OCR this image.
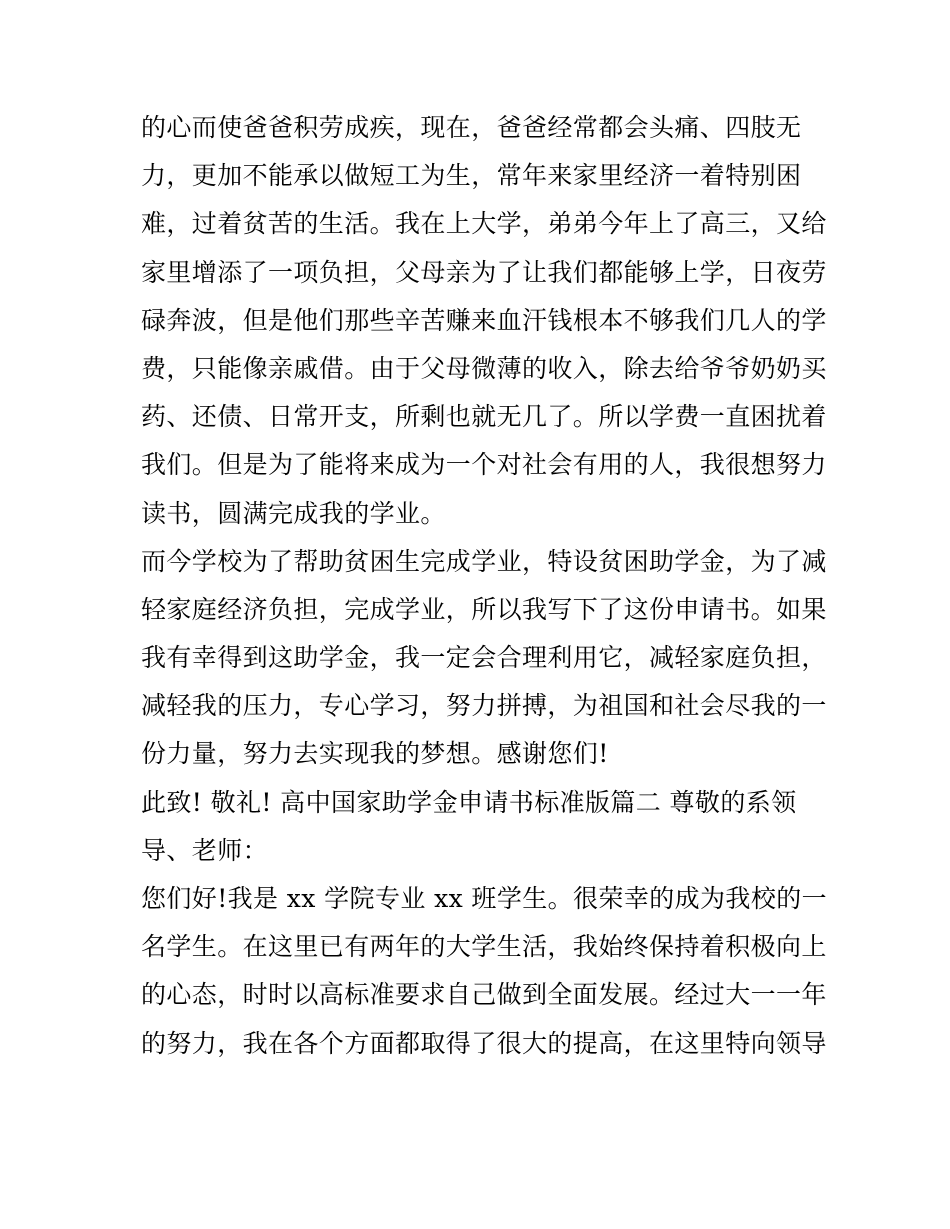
的心而使爸爸积劳成疾，现在，爸爸经常都会头痛、四肢无
力，更加不能承以做短工为生，常年来家里经济一着特别困
难，过着贫苦的生活。我在上大学，弟弟今年上了高三，又给
家里增添了一项负担，父母亲为了让我们都能够上学，日夜劳
碌奔波，但是他们那些辛苦赚来血汗钱根本不够我们几人的学
费，只能像亲戚借。由于父母微薄的收入，除去给爷爷奶奶买
药、还债、日常开支，所剩也就无几了。所以学费一直困扰着
我们。但是为了能将来成为一个对社会有用的人，我很想努力
读书，圆满完成我的学业。
而今学校为了帮助贫困生完成学业，特设贫困助学金，为了减
轻家庭经济负担，完成学业，所以我写下了这份申请书。如果
我有幸得到这助学金，我一定会合理利用它，减轻家庭负担，
减轻我的压力，专心学习，努力拼搏，为祖国和社会尽我的一
份力量，努力去实现我的梦想。感谢您们!
此致! 敬礼! 高中国家助学金申请书标准版篇二 尊敬的系领
导、老师：
您们好!我是 xx 学院专业 xx 班学生。很荣幸的成为我校的一
名学生。在这里已有两年的大学生活，我始终保持着积极向上
的心态，时时以高标准要求自己做到全面发展。经过大一一年
的努力，我在各个方面都取得了很大的提高，在这里特向领导
